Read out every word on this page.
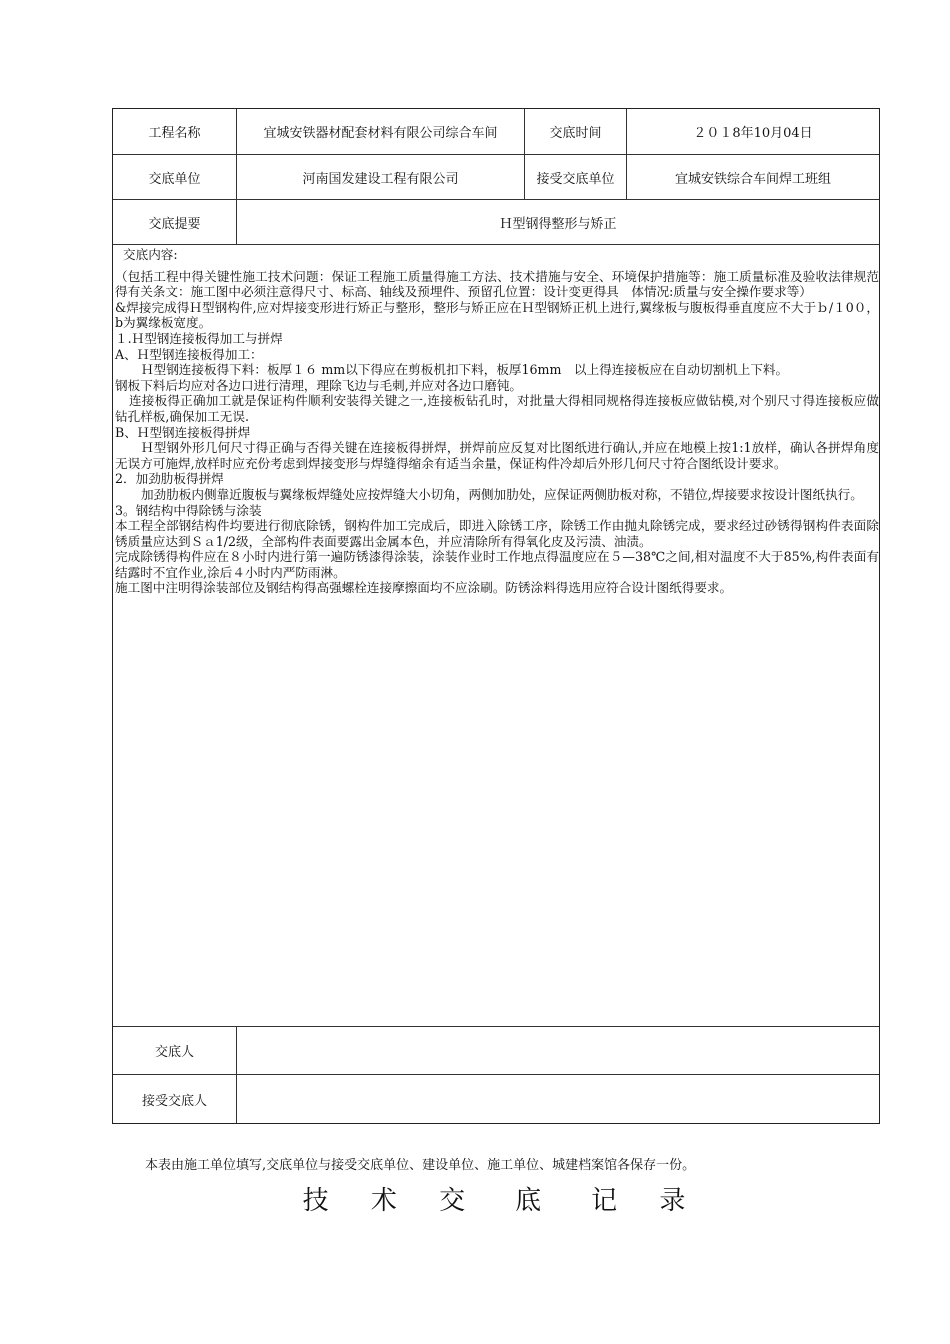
工程名称	宜城安铁器材配套材料有限公司综合车间	交底时间	２０１8年10月04日
交底单位	河南国发建设工程有限公司	接受交底单位	宜城安铁综合车间焊工班组
交底提要	Ｈ型钢得整形与矫正

交底内容:

（包括工程中得关键性施工技术问题：保证工程施工质量得施工方法、技术措施与安全、环境保护措施等：施工质量标准及验收法律规范得有关条文：施工图中必须注意得尺寸、标高、轴线及预埋件、预留孔位置：设计变更得具　体情况:质量与安全操作要求等）

&焊接完成得Ｈ型钢构件,应对焊接变形进行矫正与整形，整形与矫正应在Ｈ型钢矫正机上进行,翼缘板与腹板得垂直度应不大于ｂ/１0０，b为翼缘板宽度。

１.Ｈ型钢连接板得加工与拼焊

A、Ｈ型钢连接板得加工：

Ｈ型钢连接板得下料：板厚１６ mm以下得应在剪板机扣下料，板厚16mm　以上得连接板应在自动切割机上下料。

钢板下料后均应对各边口进行清理，理除飞边与毛刺,并应对各边口磨钝。

连接板得正确加工就是保证构件顺利安装得关键之一,连接板钻孔时，对批量大得相同规格得连接板应做钻模,对个别尺寸得连接板应做钻孔样板,确保加工无误.

B、Ｈ型钢连接板得拼焊

Ｈ型钢外形几何尺寸得正确与否得关键在连接板得拼焊，拼焊前应反复对比图纸进行确认,并应在地模上按1:1放样，确认各拼焊角度无误方可施焊,放样时应充份考虑到焊接变形与焊缝得缩余有适当余量，保证构件冷却后外形几何尺寸符合图纸设计要求。

2．加劲肋板得拼焊

加劲肋板内侧靠近腹板与翼缘板焊缝处应按焊缝大小切角，两侧加肋处，应保证两侧肋板对称，不错位,焊接要求按设计图纸执行。

3。钢结构中得除锈与涂装

本工程全部钢结构件均要进行彻底除锈，钢构件加工完成后，即进入除锈工序，除锈工作由抛丸除锈完成，要求经过砂锈得钢构件表面除锈质量应达到Ｓａ1/2级，全部构件表面要露出金属本色，并应清除所有得氧化皮及污渍、油渍。

完成除锈得构件应在８小时内进行第一遍防锈漆得涂装，涂装作业时工作地点得温度应在５—38℃之间,相对温度不大于85%,构件表面有结露时不宜作业,涂后４小时内严防雨淋。

施工图中注明得涂装部位及钢结构得高强螺栓连接摩擦面均不应涂刷。防锈涂料得选用应符合设计图纸得要求。

交底人
接受交底人
本表由施工单位填写,交底单位与接受交底单位、建设单位、施工单位、城建档案馆各保存一份。
技 术 交　底　记 录
